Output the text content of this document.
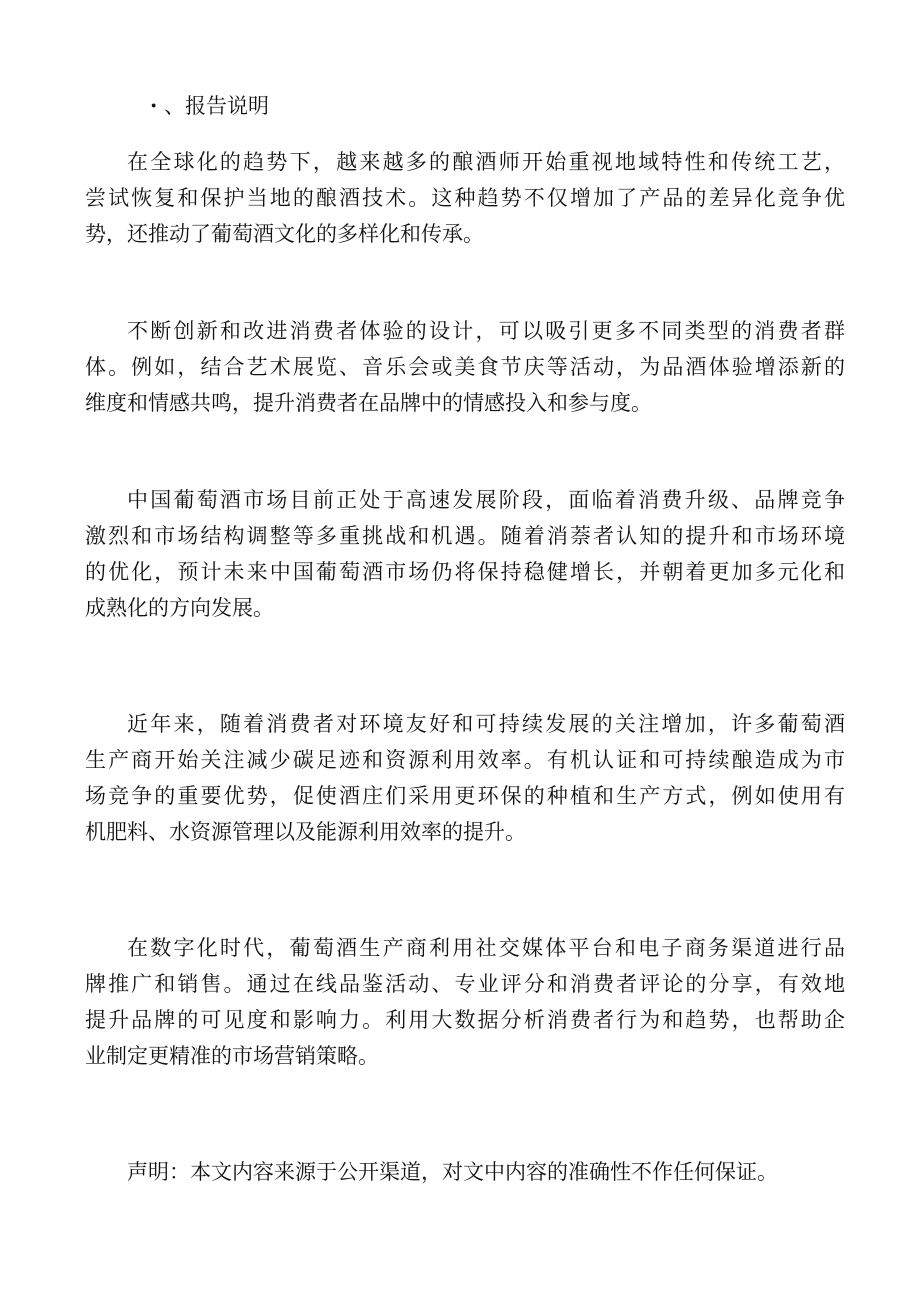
· 、报告说明
在全球化的趋势下，越来越多的酿酒师开始重视地域特性和传统工艺，
尝试恢复和保护当地的酿酒技术。这种趋势不仅增加了产品的差异化竞争优
势，还推动了葡萄酒文化的多样化和传承。
不断创新和改进消费者体验的设计，可以吸引更多不同类型的消费者群
体。例如，结合艺术展览、音乐会或美食节庆等活动，为品酒体验增添新的
维度和情感共鸣，提升消费者在品牌中的情感投入和参与度。
中国葡萄酒市场目前正处于高速发展阶段，面临着消费升级、品牌竞争
激烈和市场结构调整等多重挑战和机遇。随着消萘者认知的提升和市场环境
的优化，预计未来中国葡萄酒市场仍将保持稳健增长，并朝着更加多元化和
成熟化的方向发展。
近年来，随着消费者对环境友好和可持续发展的关注增加，许多葡萄酒
生产商开始关注减少碳足迹和资源利用效率。有机认证和可持续酿造成为市
场竞争的重要优势，促使酒庄们采用更环保的种植和生产方式，例如使用有
机肥料、水资源管理以及能源利用效率的提升。
在数字化时代，葡萄酒生产商利用社交媒体平台和电子商务渠道进行品
牌推广和销售。通过在线品鉴活动、专业评分和消费者评论的分享，有效地
提升品牌的可见度和影响力。利用大数据分析消费者行为和趋势，也帮助企
业制定更精准的市场营销策略。
声明：本文内容来源于公开渠道，对文中内容的准确性不作任何保证。
